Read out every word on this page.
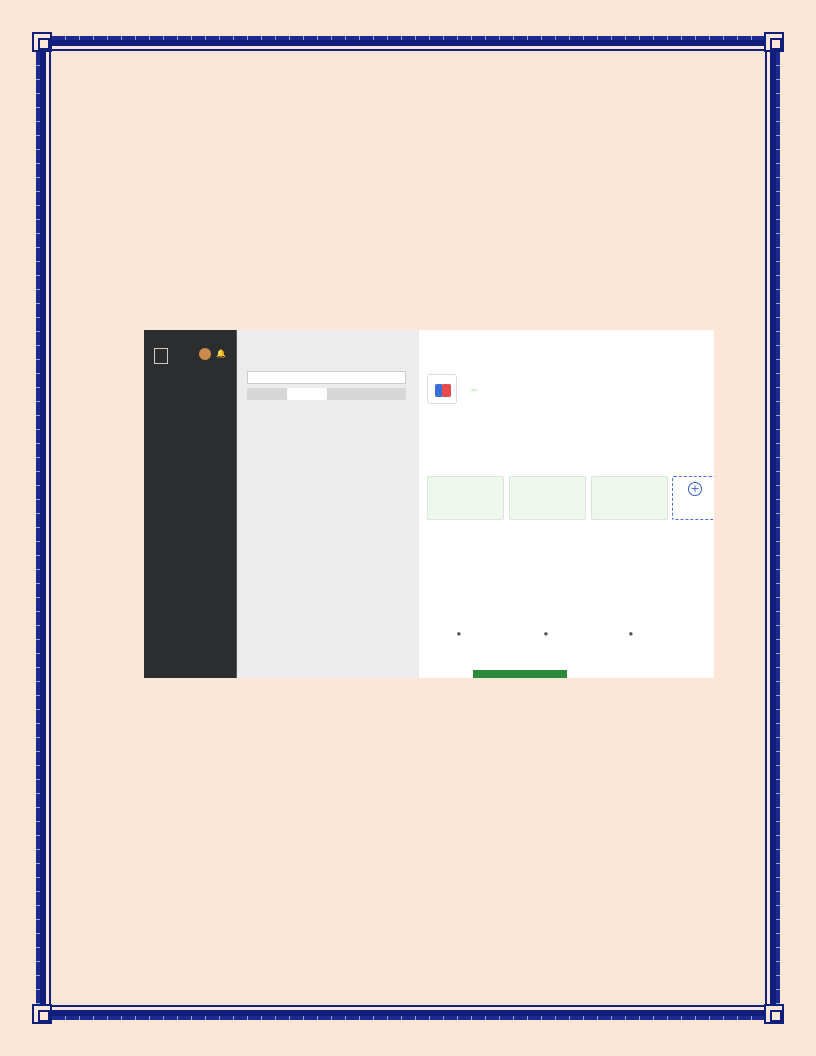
🔔
+
●	●	●
